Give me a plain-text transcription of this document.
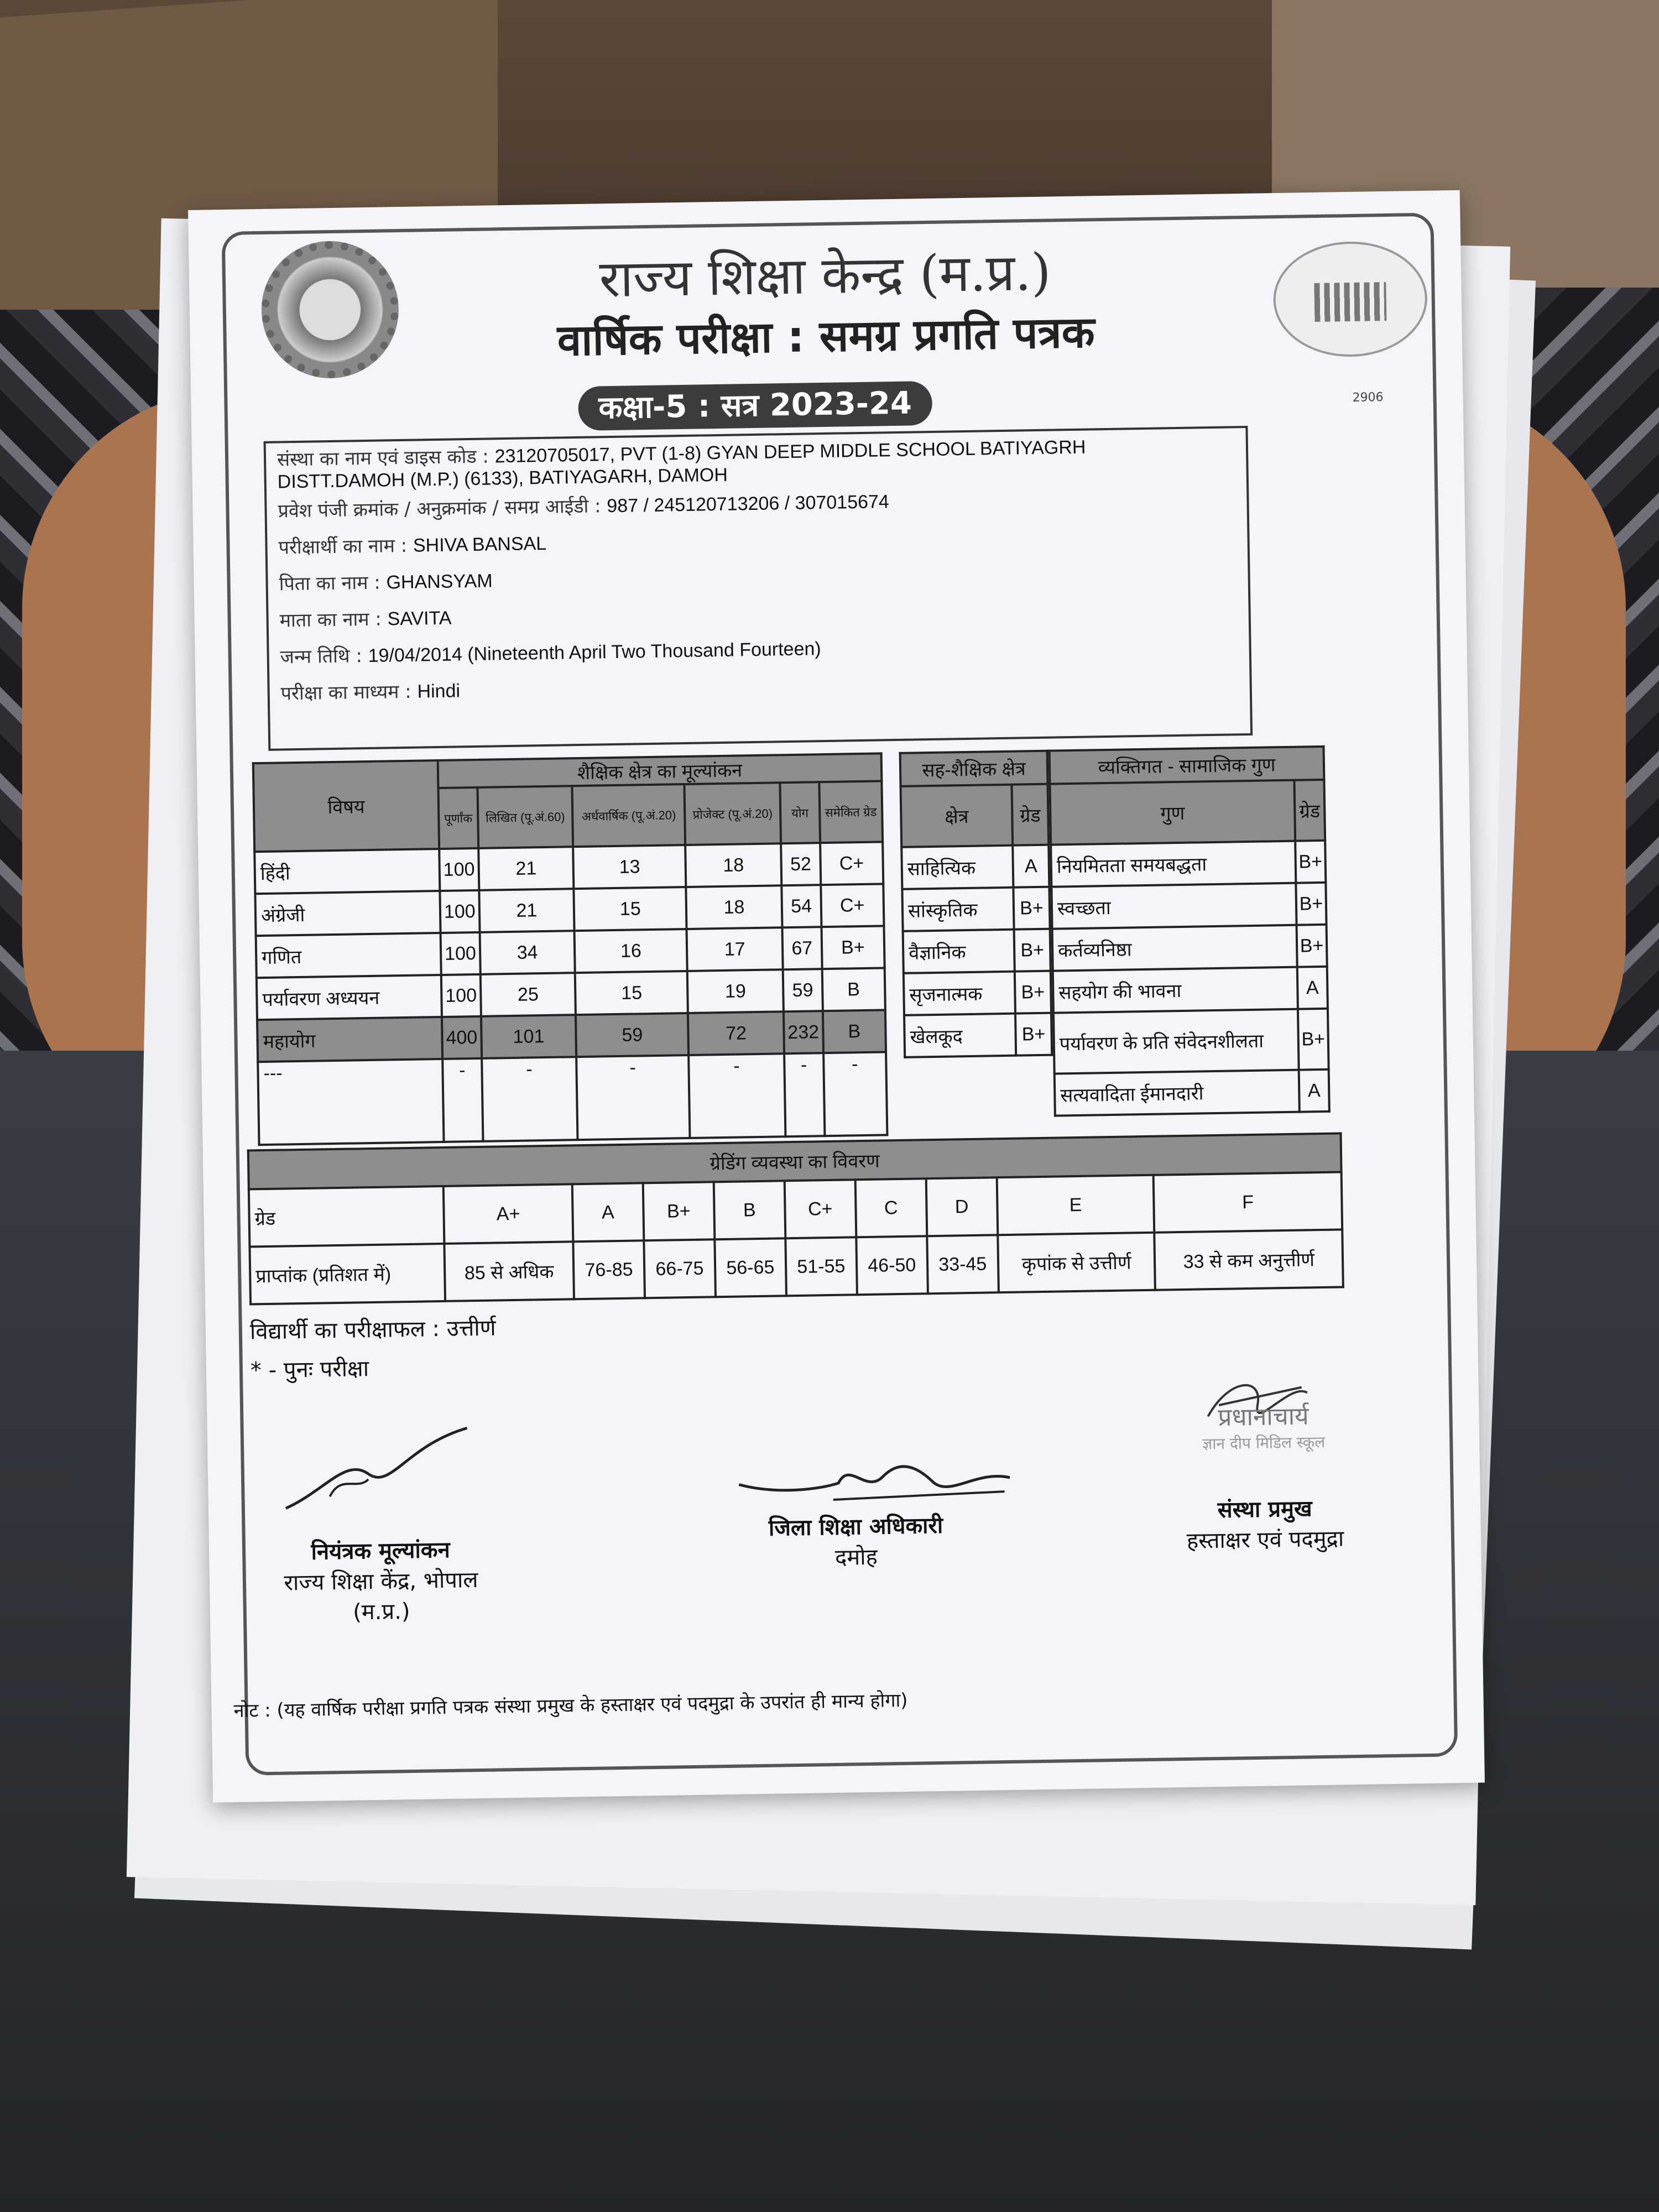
राज्य शिक्षा केन्द्र (म.प्र.)
वार्षिक परीक्षा : समग्र प्रगति पत्रक
कक्षा-5 : सत्र 2023-24	2906
संस्था का नाम एवं डाइस कोड : 23120705017, PVT (1-8) GYAN DEEP MIDDLE SCHOOL BATIYAGRH
DISTT.DAMOH (M.P.) (6133), BATIYAGARH, DAMOH
प्रवेश पंजी क्रमांक / अनुक्रमांक / समग्र आईडी : 987 / 245120713206 / 307015674
परीक्षार्थी का नाम : SHIVA BANSAL
पिता का नाम : GHANSYAM
माता का नाम : SAVITA
जन्म तिथि : 19/04/2014 (Nineteenth April Two Thousand Fourteen)
परीक्षा का माध्यम : Hindi
विषय	शैक्षिक क्षेत्र का मूल्यांकन					
	पूर्णांक	लिखित (पू.अं.60)	अर्धवार्षिक (पू.अं.20)	प्रोजेक्ट (पू.अं.20)	योग	समेकित ग्रेड
हिंदी	100	21	13	18	52	C+
अंग्रेजी	100	21	15	18	54	C+
गणित	100	34	16	17	67	B+
पर्यावरण अध्ययन	100	25	15	19	59	B
महायोग	400	101	59	72	232	B
---	-	-	-	-	-	-
सह-शैक्षिक क्षेत्र	
क्षेत्र	ग्रेड
साहित्यिक	A
सांस्कृतिक	B+
वैज्ञानिक	B+
सृजनात्मक	B+
खेलकूद	B+
व्यक्तिगत - सामाजिक गुण	
गुण	ग्रेड
नियमितता समयबद्धता	B+
स्वच्छता	B+
कर्तव्यनिष्ठा	B+
सहयोग की भावना	A
पर्यावरण के प्रति संवेदनशीलता	B+
सत्यवादिता ईमानदारी	A
ग्रेडिंग व्यवस्था का विवरण									
ग्रेड	A+	A	B+	B	C+	C	D	E	F
प्राप्तांक (प्रतिशत में)	85 से अधिक	76-85	66-75	56-65	51-55	46-50	33-45	कृपांक से उत्तीर्ण	33 से कम अनुत्तीर्ण
विद्यार्थी का परीक्षाफल : उत्तीर्ण
* - पुनः परीक्षा
प्रधानाचार्य
ज्ञान दीप मिडिल स्कूल
नियंत्रक मूल्यांकन
राज्य शिक्षा केंद्र, भोपाल
(म.प्र.)
जिला शिक्षा अधिकारी
दमोह
संस्था प्रमुख
हस्ताक्षर एवं पदमुद्रा
नोट : (यह वार्षिक परीक्षा प्रगति पत्रक संस्था प्रमुख के हस्ताक्षर एवं पदमुद्रा के उपरांत ही मान्य होगा)
